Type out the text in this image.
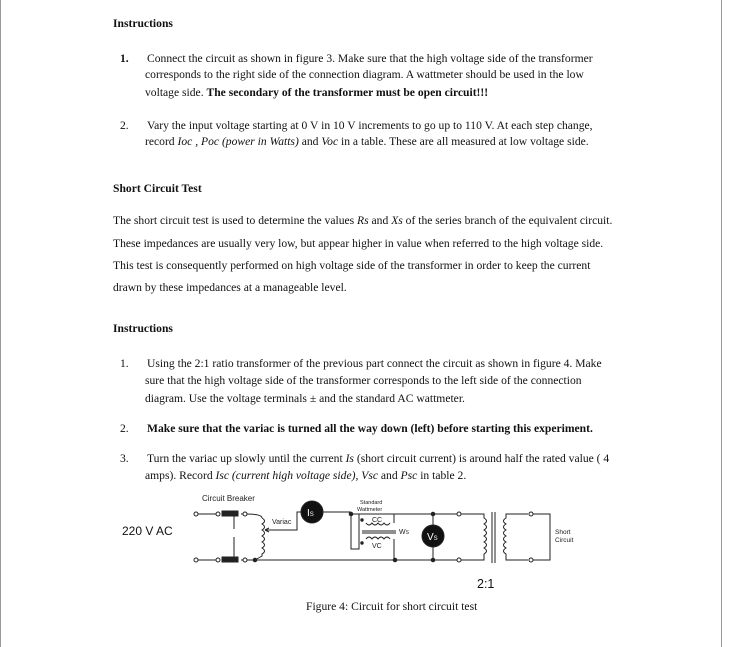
Instructions
1. Connect the circuit as shown in figure 3. Make sure that the high voltage side of the transformer
corresponds to the right side of the connection diagram. A wattmeter should be used in the low
voltage side. The secondary of the transformer must be open circuit!!!
2. Vary the input voltage starting at 0 V in 10 V increments to go up to 110 V. At each step change,
record Ioc , Poc (power in Watts) and Voc in a table. These are all measured at low voltage side.
Short Circuit Test
The short circuit test is used to determine the values Rs and Xs of the series branch of the equivalent circuit.
These impedances are usually very low, but appear higher in value when referred to the high voltage side.
This test is consequently performed on high voltage side of the transformer in order to keep the current
drawn by these impedances at a manageable level.
Instructions
1. Using the 2:1 ratio transformer of the previous part connect the circuit as shown in figure 4. Make
sure that the high voltage side of the transformer corresponds to the left side of the connection
diagram. Use the voltage terminals ± and the standard AC wattmeter.
2. Make sure that the variac is turned all the way down (left) before starting this experiment.
3. Turn the variac up slowly until the current Is (short circuit current) is around half the rated value ( 4
amps). Record Isc (current high voltage side), Vsc and Psc in table 2.
220 V AC
Circuit Breaker
Variac
IS
Standard
Wattmeter
CC
VC
WS VS
Short
Circuit
2:1
Figure 4: Circuit for short circuit test
